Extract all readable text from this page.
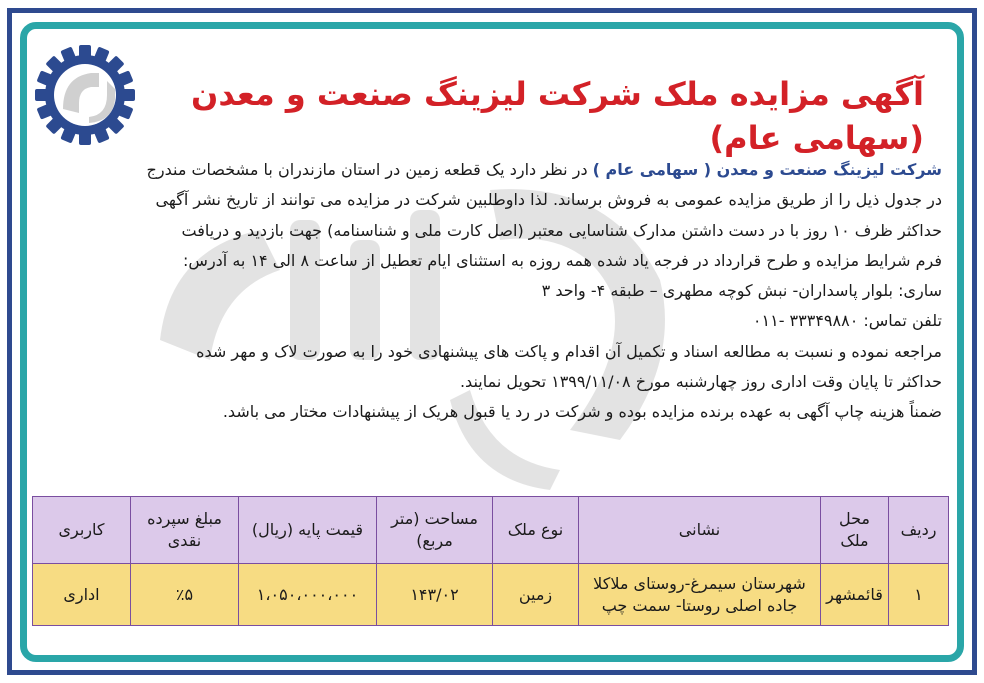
آگهی مزایده ملک شرکت لیزینگ صنعت و معدن (سهامی عام)

شرکت لیزینگ صنعت و معدن ( سهامی عام ) در نظر دارد یک قطعه زمین در استان مازندران با مشخصات مندرج

در جدول ذیل را از طریق مزایده عمومی به فروش برساند. لذا داوطلبین شرکت در مزایده می توانند از تاریخ نشر آگهی

حداکثر ظرف ۱۰ روز با در دست داشتن مدارک شناسایی معتبر (اصل کارت ملی و شناسنامه) جهت بازدید و دریافت

فرم شرایط مزایده و طرح قرارداد در فرجه یاد شده همه روزه به استثنای ایام تعطیل از ساعت ۸ الی ۱۴ به آدرس:

ساری: بلوار پاسداران- نبش کوچه مطهری – طبقه ۴- واحد ۳

تلفن تماس: ۳۳۳۴۹۸۸۰ -۰۱۱

مراجعه نموده و نسبت به مطالعه اسناد و تکمیل آن اقدام و پاکت های پیشنهادی خود را به صورت لاک و مهر شده

حداکثر تا پایان وقت اداری روز چهارشنبه مورخ ۱۳۹۹/۱۱/۰۸ تحویل نمایند.

ضمناً هزینه چاپ آگهی به عهده برنده مزایده بوده و شرکت در رد یا قبول هریک از پیشنهادات مختار می باشد.

ردیف	محل ملک	نشانی	نوع ملک	مساحت (متر مربع)	قیمت پایه (ریال)	مبلغ سپرده نقدی	کاربری
۱	قائمشهر	شهرستان سیمرغ-روستای ملاکلا جاده اصلی روستا- سمت چپ	زمین	۱۴۳/۰۲	۱،۰۵۰،۰۰۰،۰۰۰	٪۵	اداری
